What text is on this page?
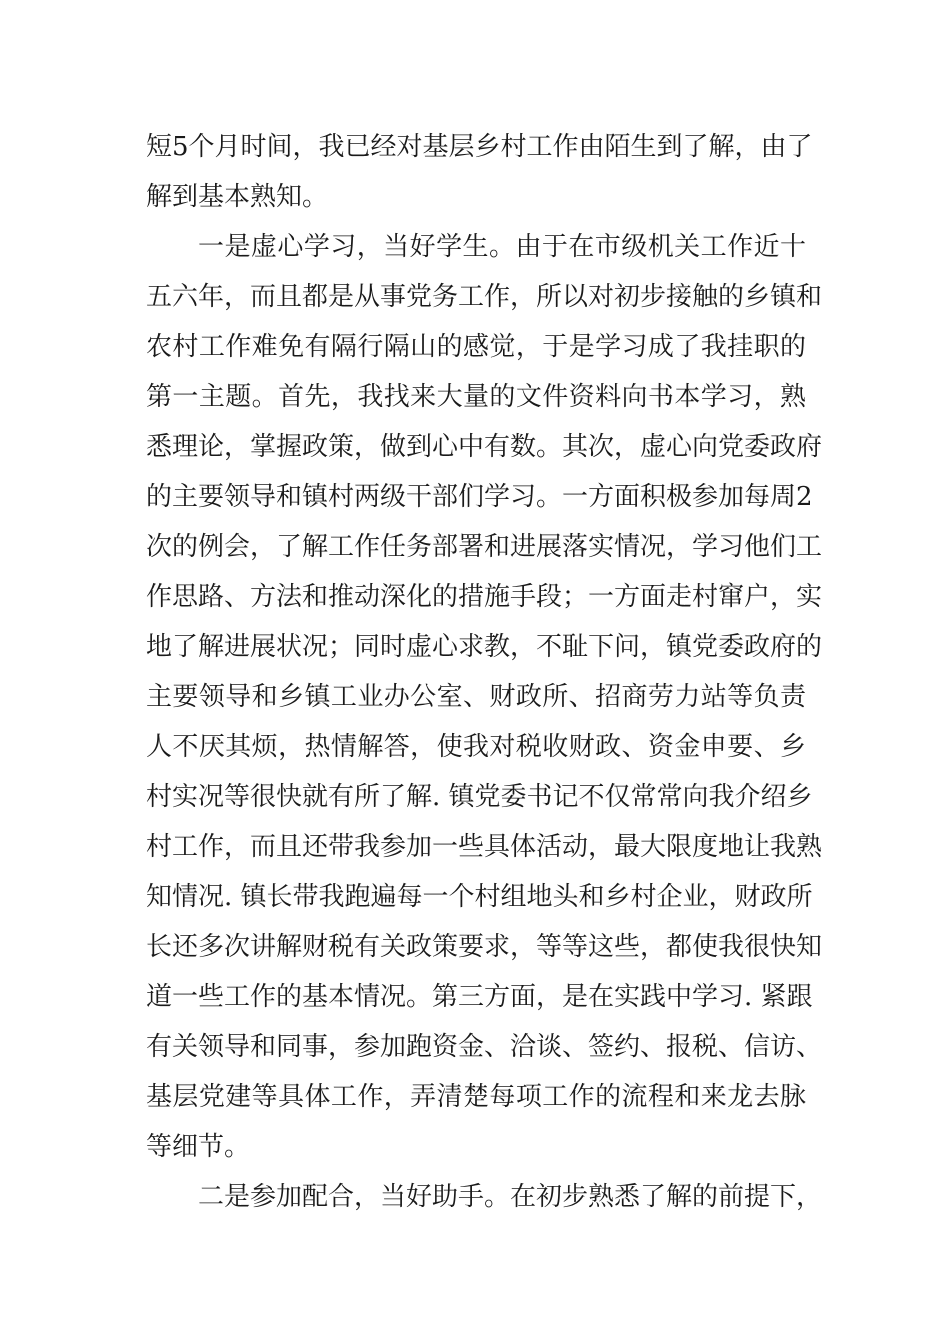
短5个月时间，我已经对基层乡村工作由陌生到了解，由了
解到基本熟知。
一是虚心学习，当好学生。由于在市级机关工作近十
五六年，而且都是从事党务工作，所以对初步接触的乡镇和
农村工作难免有隔行隔山的感觉，于是学习成了我挂职的
第一主题。首先，我找来大量的文件资料向书本学习，熟
悉理论，掌握政策，做到心中有数。其次，虚心向党委政府
的主要领导和镇村两级干部们学习。一方面积极参加每周2
次的例会，了解工作任务部署和进展落实情况，学习他们工
作思路、方法和推动深化的措施手段；一方面走村窜户，实
地了解进展状况；同时虚心求教，不耻下问，镇党委政府的
主要领导和乡镇工业办公室、财政所、招商劳力站等负责
人不厌其烦，热情解答，使我对税收财政、资金申要、乡
村实况等很快就有所了解. 镇党委书记不仅常常向我介绍乡
村工作，而且还带我参加一些具体活动，最大限度地让我熟
知情况. 镇长带我跑遍每一个村组地头和乡村企业，财政所
长还多次讲解财税有关政策要求，等等这些，都使我很快知
道一些工作的基本情况。第三方面，是在实践中学习. 紧跟
有关领导和同事，参加跑资金、洽谈、签约、报税、信访、
基层党建等具体工作，弄清楚每项工作的流程和来龙去脉
等细节。
二是参加配合，当好助手。在初步熟悉了解的前提下，
